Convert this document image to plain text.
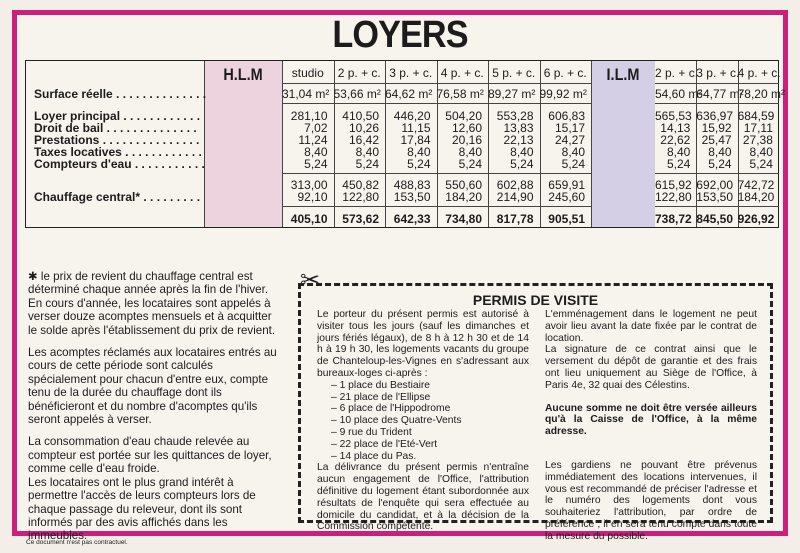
LOYERS
H.L.M	I.L.M
Surface réelle . . . . . . . . . . . . . .
Loyer principal . . . . . . . . . . . .
Droit de bail . . . . . . . . . . . . . .
Prestations . . . . . . . . . . . . . . .
Taxes locatives . . . . . . . . . . . .
Compteurs d'eau . . . . . . . . . . .
Chauffage central* . . . . . . . . .
studio
31,04 m²
281,10
7,02
11,24
8,40
5,24
313,00
92,10
405,10
2 p. + c.
53,66 m²
410,50
10,26
16,42
8,40
5,24
450,82
122,80
573,62
3 p. + c.
64,62 m²
446,20
11,15
17,84
8,40
5,24
488,83
153,50
642,33
4 p. + c.
76,58 m²
504,20
12,60
20,16
8,40
5,24
550,60
184,20
734,80
5 p. + c.
89,27 m²
553,28
13,83
22,13
8,40
5,24
602,88
214,90
817,78
6 p. + c.
99,92 m²
606,83
15,17
24,27
8,40
5,24
659,91
245,60
905,51
2 p. + c.
54,60 m²
565,53
14,13
22,62
8,40
5,24
615,92
122,80
738,72
3 p. + c.
64,77 m²
636,97
15,92
25,47
8,40
5,24
692,00
153,50
845,50
4 p. + c.
78,20 m²
684,59
17,11
27,38
8,40
5,24
742,72
184,20
926,92
✂

✱ le prix de revient du chauffage central est déterminé chaque année après la fin de l'hiver. En cours d'année, les locataires sont appelés à verser douze acomptes mensuels et à acquitter le solde après l'établissement du prix de revient.

Les acomptes réclamés aux locataires entrés au cours de cette période sont calculés spécialement pour chacun d'entre eux, compte tenu de la durée du chauffage dont ils bénéficieront et du nombre d'acomptes qu'ils seront appelés à verser.

La consommation d'eau chaude relevée au compteur est portée sur les quittances de loyer, comme celle d'eau froide.

Les locataires ont le plus grand intérêt à permettre l'accès de leurs compteurs lors de chaque passage du releveur, dont ils sont informés par des avis affichés dans les immeubles.

PERMIS DE VISITE
Le porteur du présent permis est autorisé à visiter tous les jours (sauf les dimanches et jours fériés légaux), de 8 h à 12 h 30 et de 14 h à 19 h 30, les logements vacants du groupe de Chanteloup-les-Vignes en s'adressant aux bureaux-loges ci-après :
– 1 place du Bestiaire
– 21 place de l'Ellipse
– 6 place de l'Hippodrome
– 10 place des Quatre-Vents
– 9 rue du Trident
– 22 place de l'Eté-Vert
– 14 place du Pas.
La délivrance du présent permis n'entraîne aucun engagement de l'Office, l'attribution définitive du logement étant subordonnée aux résultats de l'enquête qui sera effectuée au domicile du candidat, et à la décision de la Commission compétente.
L'emménagement dans le logement ne peut avoir lieu avant la date fixée par le contrat de location.
La signature de ce contrat ainsi que le versement du dépôt de garantie et des frais ont lieu uniquement au Siège de l'Office, à Paris 4e, 32 quai des Célestins.
Aucune somme ne doit être versée ailleurs qu'à la Caisse de l'Office, à la même adresse.
Les gardiens ne pouvant être prévenus immédiatement des locations intervenues, il vous est recommandé de préciser l'adresse et le numéro des logements dont vous souhaiteriez l'attribution, par ordre de préférence ; il en sera tenu compte dans toute la mesure du possible.
Ce document n'est pas contractuel.
